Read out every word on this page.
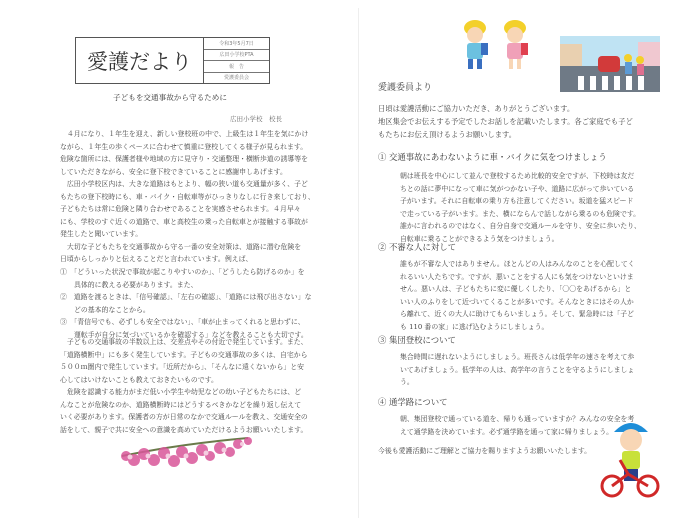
愛護だより
令和3年5月7日
広田小学校PTA
報　告
愛護委員会
子どもを交通事故から守るために
広田小学校　校長
　４月になり、１年生を迎え、新しい登校班の中で、上級生は１年生を気にかけ
ながら、１年生の歩くペースに合わせて慎重に登校してくる様子が見られます。
危険な箇所には、保護者様や地域の方に見守り・交通整理・横断歩道の誘導等を
していただきながら、安全に登下校できていることに感謝申しあげます。
　広田小学校区内は、大きな道路はもとより、幅の狭い道も交通量が多く、子ど
もたちの登下校時にも、車・バイク・自転車等がひっきりなしに行き来しており、
子どもたちは常に危険と隣り合わせであることを実感させられます。４月早々
にも、学校のすぐ近くの道路で、車と高校生の乗った自転車とが接触する事故が
発生したと聞いています。
　大切な子どもたちを交通事故から守る一番の安全対策は、道路に潜む危険を
日頃からしっかりと伝えることだと言われています。例えば、
①　「どういった状況で事故が起こりやすいのか」、「どうしたら防げるのか」を
具体的に教える必要があります。また、
②　道路を渡るときは、「信号確認」、「左右の確認」、「道路には飛び出さない」な
どの基本的なことから。
③　「青信号でも、必ずしも安全ではない」、「車が止まってくれると思わずに、
運転手が自分に気づいているかを確認する」などを教えることも大切です。
　子どもの交通事故の半数以上は、交差点やその付近で発生しています。また、
「道路横断中」にも多く発生しています。子どもの交通事故の多くは、自宅から
５００ｍ圏内で発生しています。「近所だから」、「そんなに遠くないから」と安
心してはいけないことも教えておきたいものです。
　危険を認識する能力がまだ低い小学生や幼児などの幼い子どもたちには、ど
んなことが危険なのか、道路横断時にはどうするべきかなどを繰り返し伝えて
いく必要があります。保護者の方が日常のなかで交通ルールを教え、交通安全の
話をして、親子で共に安全への意識を高めていただけるようお願いいたします。
愛護委員より
日頃は愛護活動にご協力いただき、ありがとうございます。
地区集会でお伝えする予定でしたお話しを記載いたします。各ご家庭でも子ど
もたちにお伝え頂けるようお願いします。
① 交通事故にあわないように車・バイクに気をつけましょう
朝は班長を中心にして並んで登校するため比較的安全ですが、下校時は友だ
ちとの話に夢中になって車に気がつかない子や、道路に広がって歩いている
子がいます。それに自転車の乗り方も注意してください。坂道を猛スピード
で走っている子がいます。また、横にならんで話しながら乗るのも危険です。
誰かに言われるのではなく、自分自身で交通ルールを守り、安全に歩いたり、
自転車に乗ることができるよう気をつけましょう。
② 不審な人に対して
誰もが不審な人ではありません。ほとんどの人はみんなのことを心配してく
れるいい人たちです。ですが、悪いことをする人にも気をつけないといけま
せん。悪い人は、子どもたちに変に優しくしたり、「〇〇をあげるから」と
いい人のふりをして近づいてくることが多いです。そんなときにはその人か
ら離れて、近くの大人に助けてもらいましょう。そして、緊急時には「子ど
も 110 番の家」に逃げ込むようにしましょう。
③ 集団登校について
集合時間に遅れないようにしましょう。班長さんは低学年の速さを考えて歩
いてあげましょう。低学年の人は、高学年の言うことを守るようにしましょ
う。
④ 通学路について
朝、集団登校で通っている道を、帰りも通っていますか？みんなの安全を考
えて通学路を決めています。必ず通学路を通って家に帰りましょう。
今後も愛護活動にご理解とご協力を賜りますようお願いいたします。
